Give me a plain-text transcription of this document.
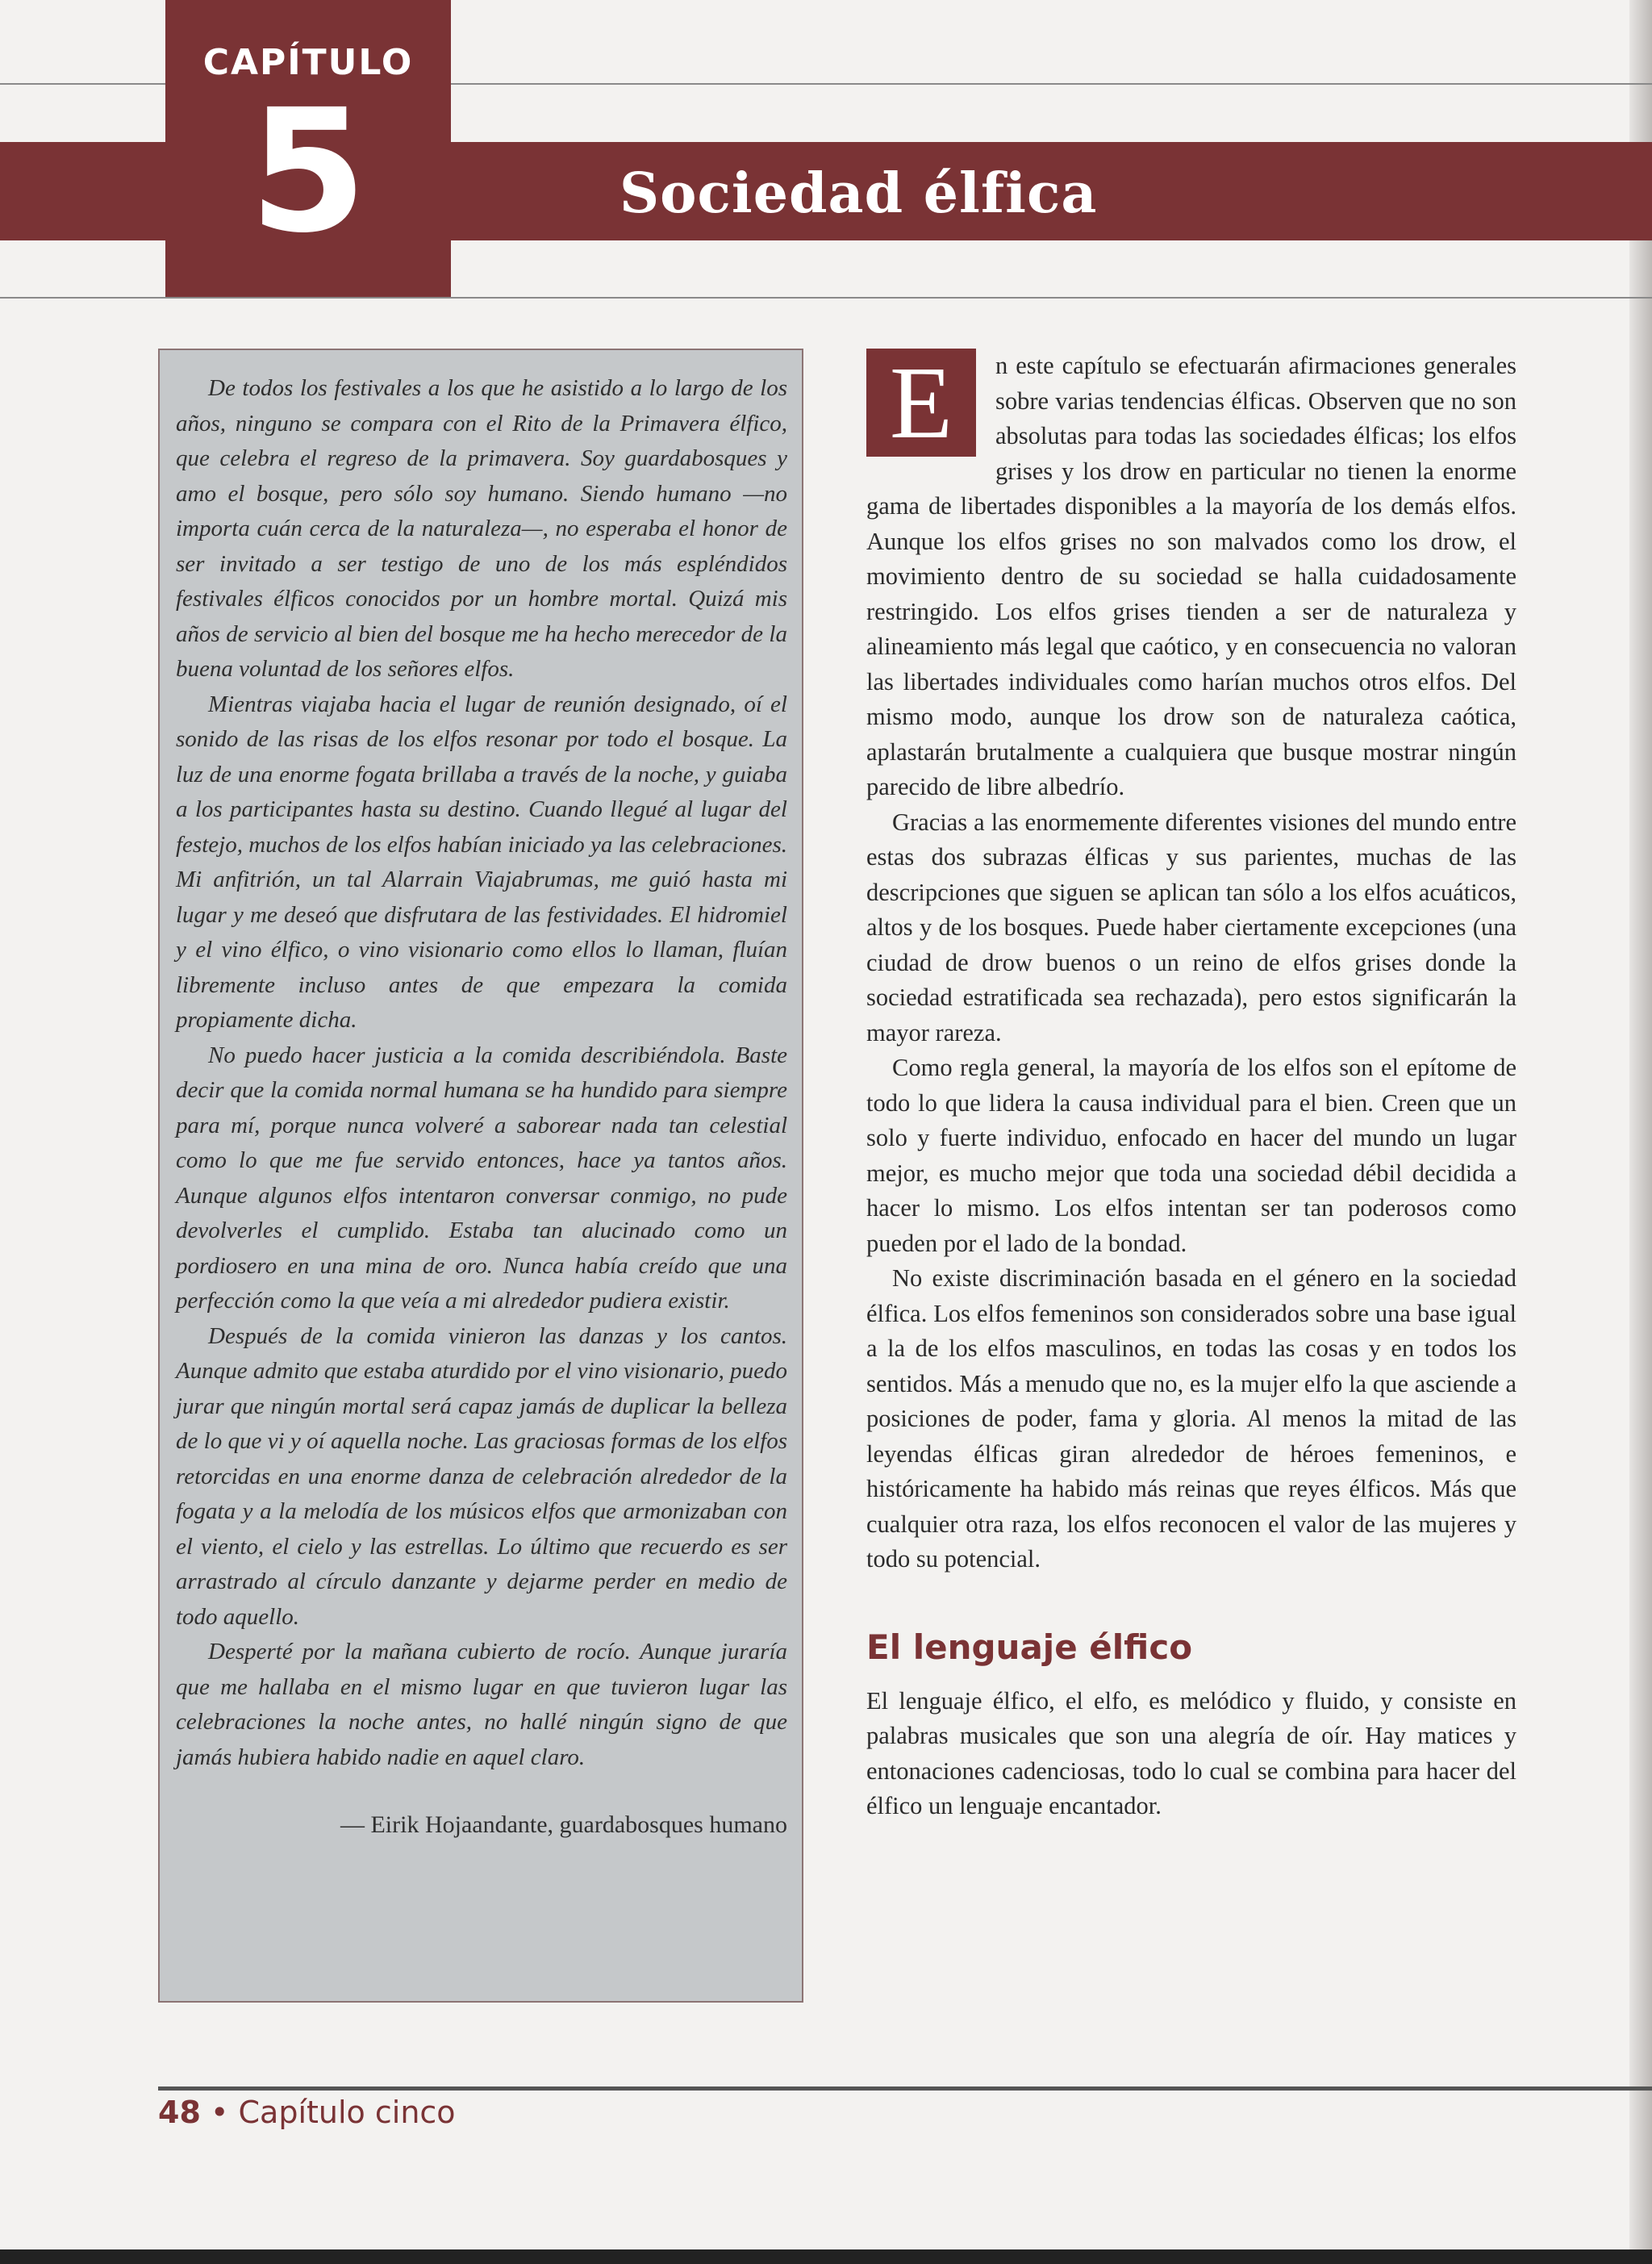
CAPÍTULO
5	Sociedad élfica

De todos los festivales a los que he asistido a lo largo de los años, ninguno se compara con el Rito de la Primavera élfico, que celebra el regreso de la primavera. Soy guardabosques y amo el bosque, pero sólo soy humano. Siendo humano —no importa cuán cerca de la naturaleza—, no esperaba el honor de ser invitado a ser testigo de uno de los más espléndidos festivales élficos conocidos por un hombre mortal. Quizá mis años de servicio al bien del bosque me ha hecho merecedor de la buena voluntad de los señores elfos.

Mientras viajaba hacia el lugar de reunión designado, oí el sonido de las risas de los elfos resonar por todo el bosque. La luz de una enorme fogata brillaba a través de la noche, y guiaba a los participantes hasta su destino. Cuando llegué al lugar del festejo, muchos de los elfos habían iniciado ya las celebraciones. Mi anfitrión, un tal Alarrain Viajabrumas, me guió hasta mi lugar y me deseó que disfrutara de las festividades. El hidromiel y el vino élfico, o vino visionario como ellos lo llaman, fluían libremente incluso antes de que empezara la comida propiamente dicha.

No puedo hacer justicia a la comida describiéndola. Baste decir que la comida normal humana se ha hundido para siempre para mí, porque nunca volveré a saborear nada tan celestial como lo que me fue servido entonces, hace ya tantos años. Aunque algunos elfos intentaron conversar conmigo, no pude devolverles el cumplido. Estaba tan alucinado como un pordiosero en una mina de oro. Nunca había creído que una perfección como la que veía a mi alrededor pudiera existir.

Después de la comida vinieron las danzas y los cantos. Aunque admito que estaba aturdido por el vino visionario, puedo jurar que ningún mortal será capaz jamás de duplicar la belleza de lo que vi y oí aquella noche. Las graciosas formas de los elfos retorcidas en una enorme danza de celebración alrededor de la fogata y a la melodía de los músicos elfos que armonizaban con el viento, el cielo y las estrellas. Lo último que recuerdo es ser arrastrado al círculo danzante y dejarme perder en medio de todo aquello.

Desperté por la mañana cubierto de rocío. Aunque juraría que me hallaba en el mismo lugar en que tuvieron lugar las celebraciones la noche antes, no hallé ningún signo de que jamás hubiera habido nadie en aquel claro.

— Eirik Hojaandante, guardabosques humano

E	n este capítulo se efectuarán afirmaciones generales sobre varias tendencias élficas. Observen que no son absolutas para todas las sociedades élficas; los elfos grises y los drow en particular no tienen la enorme gama de libertades disponibles a la mayoría de los demás elfos. Aunque los elfos grises no son malvados como los drow, el movimiento dentro de su sociedad se halla cuidadosamente restringido. Los elfos grises tienden a ser de naturaleza y alineamiento más legal que caótico, y en consecuencia no valoran las libertades individuales como harían muchos otros elfos. Del mismo modo, aunque los drow son de naturaleza caótica, aplastarán brutalmente a cualquiera que busque mostrar ningún parecido de libre albedrío.

Gracias a las enormemente diferentes visiones del mundo entre estas dos subrazas élficas y sus parientes, muchas de las descripciones que siguen se aplican tan sólo a los elfos acuáticos, altos y de los bosques. Puede haber ciertamente excepciones (una ciudad de drow buenos o un reino de elfos grises donde la sociedad estratificada sea rechazada), pero estos significarán la mayor rareza.

Como regla general, la mayoría de los elfos son el epítome de todo lo que lidera la causa individual para el bien. Creen que un solo y fuerte individuo, enfocado en hacer del mundo un lugar mejor, es mucho mejor que toda una sociedad débil decidida a hacer lo mismo. Los elfos intentan ser tan poderosos como pueden por el lado de la bondad.

No existe discriminación basada en el género en la sociedad élfica. Los elfos femeninos son considerados sobre una base igual a la de los elfos masculinos, en todas las cosas y en todos los sentidos. Más a menudo que no, es la mujer elfo la que asciende a posiciones de poder, fama y gloria. Al menos la mitad de las leyendas élficas giran alrededor de héroes femeninos, e históricamente ha habido más reinas que reyes élficos. Más que cualquier otra raza, los elfos reconocen el valor de las mujeres y todo su potencial.

El lenguaje élfico

El lenguaje élfico, el elfo, es melódico y fluido, y consiste en palabras musicales que son una alegría de oír. Hay matices y entonaciones cadenciosas, todo lo cual se combina para hacer del élfico un lenguaje encantador.

48 • Capítulo cinco
